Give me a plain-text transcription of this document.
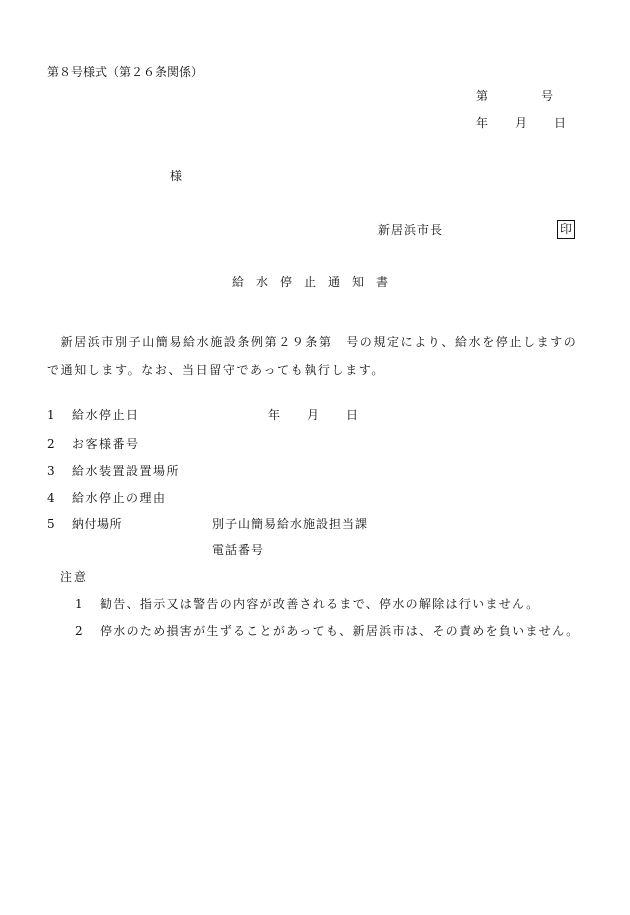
第８号様式（第２６条関係）
第　　　　号
年　　月　　日
様
新居浜市長	印
給　水　停　止　通　知　書
　新居浜市別子山簡易給水施設条例第２９条第　号の規定により、給水を停止しますの
で通知します。なお、当日留守であっても執行します。
1 給水停止日	年　　月　　日
2 お客様番号
3 給水装置設置場所
4 給水停止の理由
5 納付場所	別子山簡易給水施設担当課
電話番号
注意
1 勧告、指示又は警告の内容が改善されるまで、停水の解除は行いません。
2 停水のため損害が生ずることがあっても、新居浜市は、その責めを負いません。
